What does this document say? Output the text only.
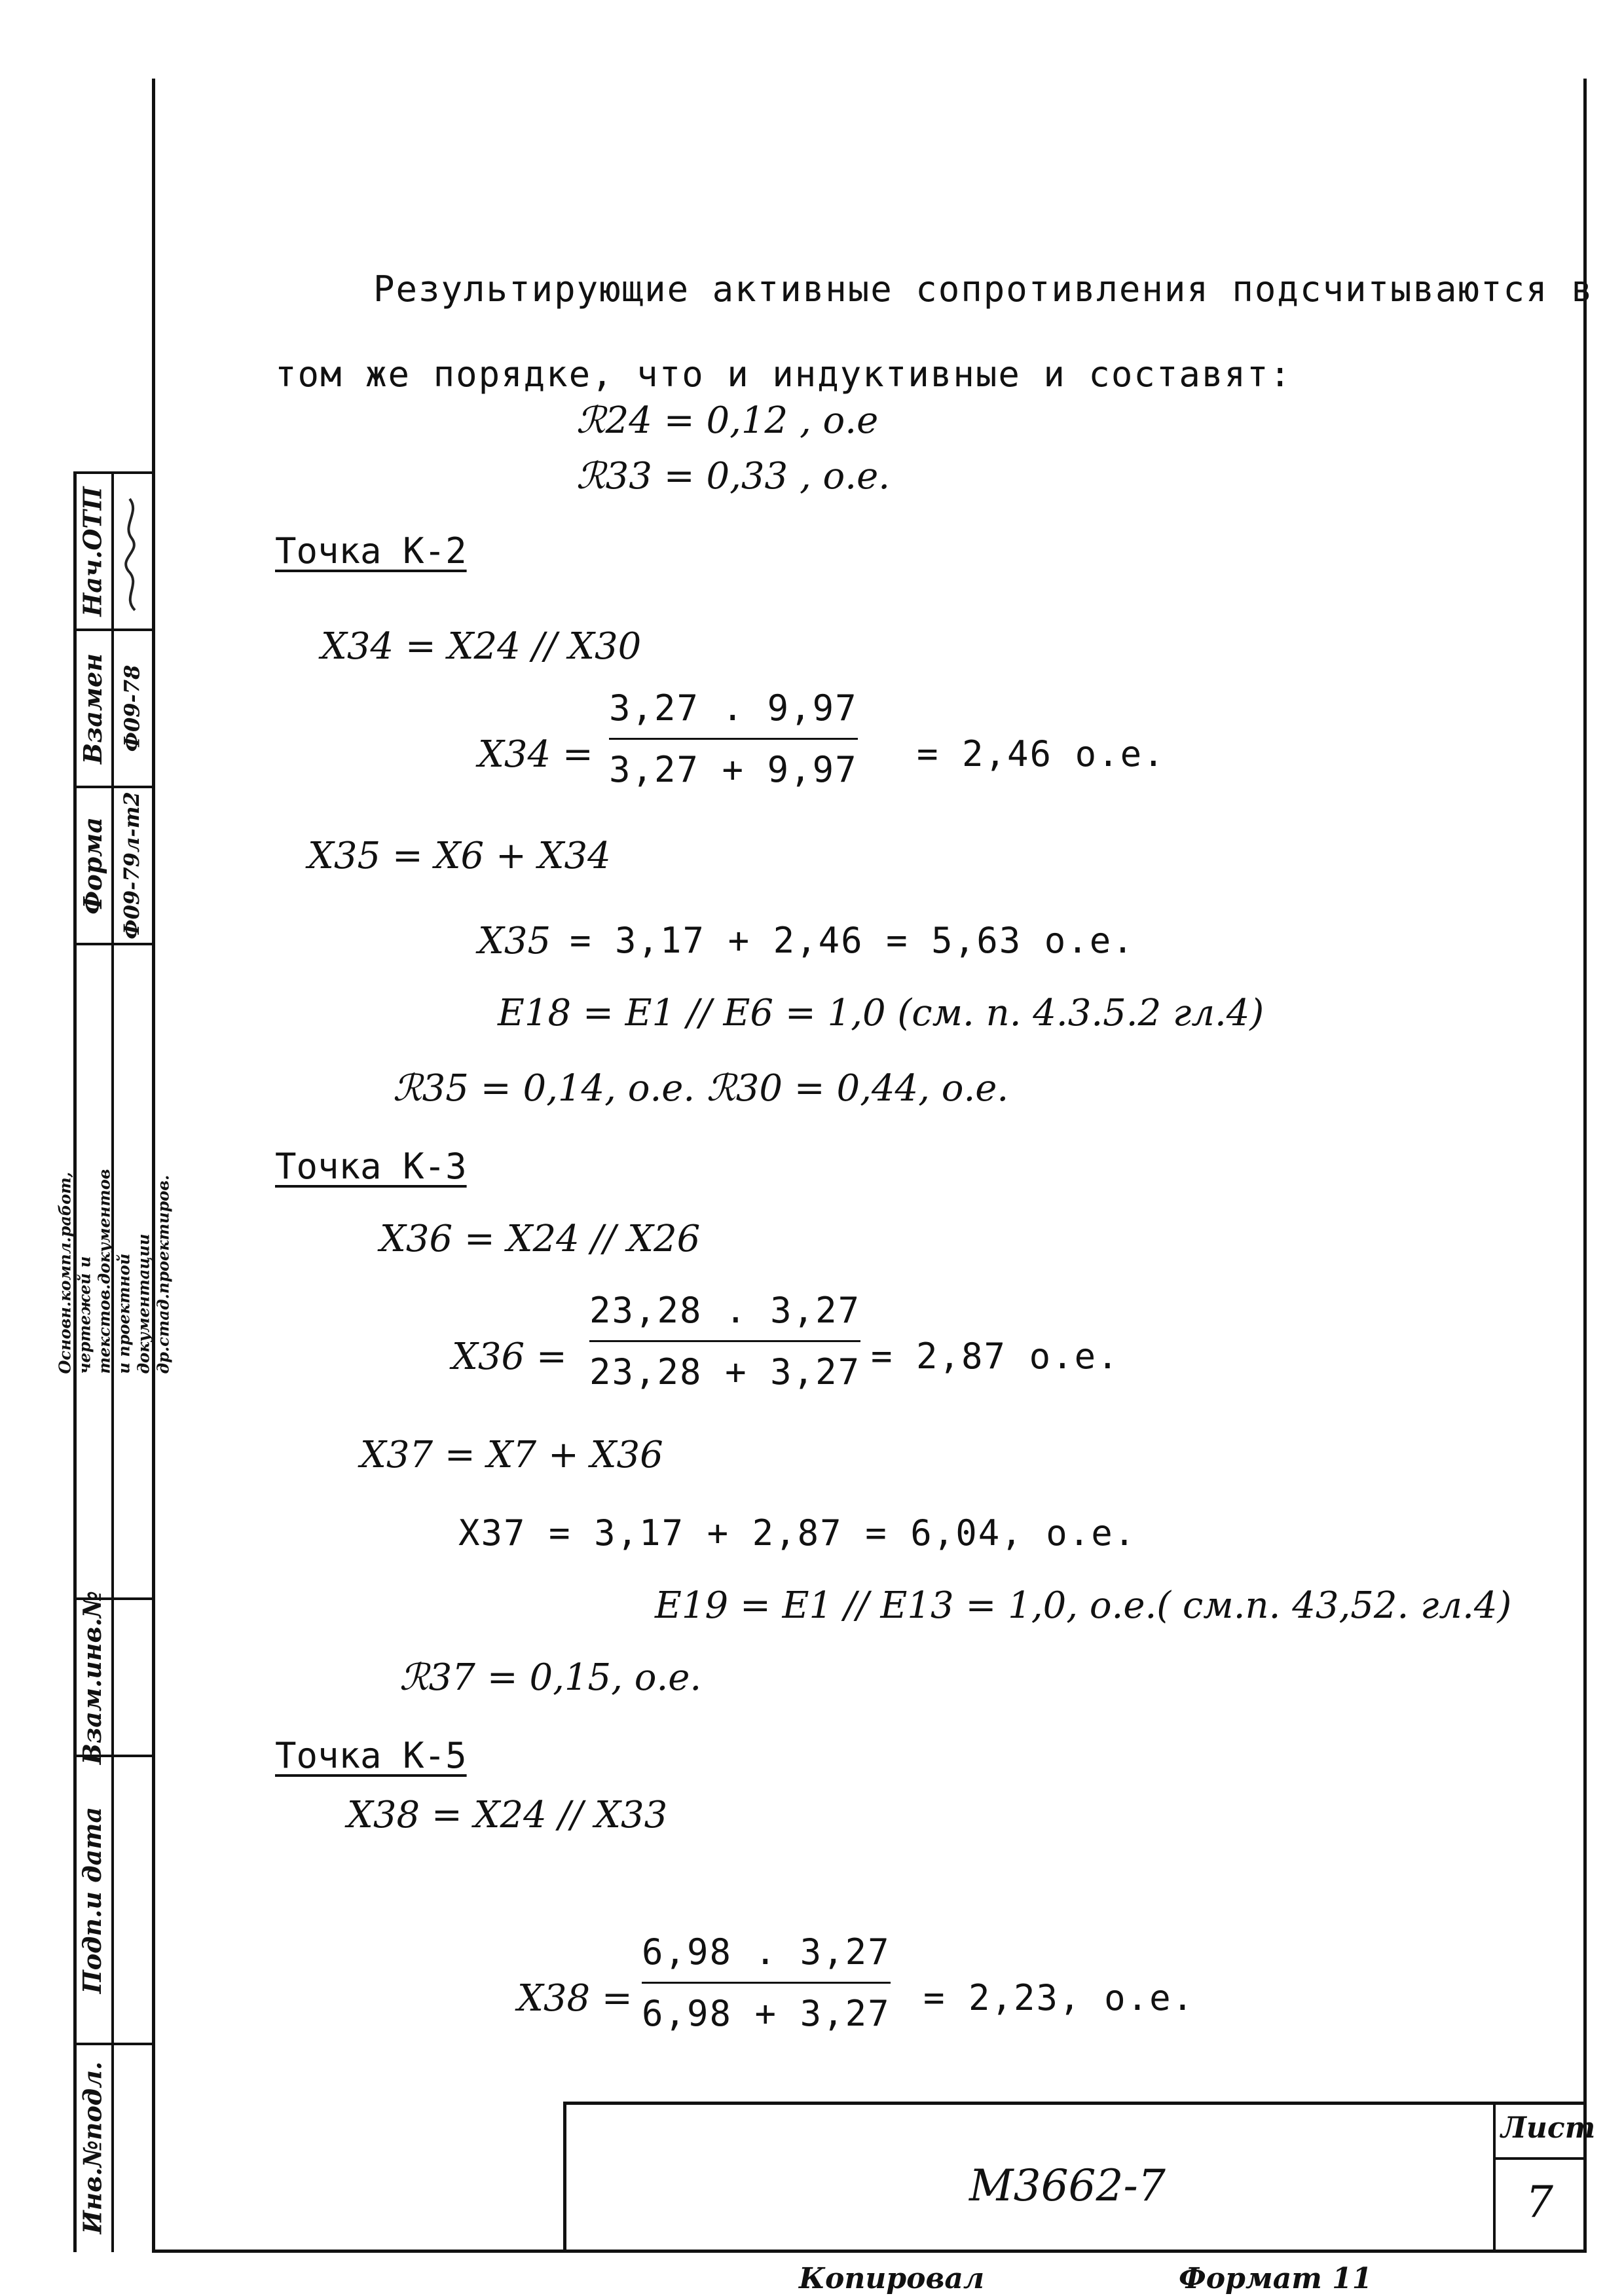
Нач.ОТП
Взамен
Форма
Основн.компл.работ, чертежей и текстов.документов и проектной документации др.стад.проектиров.
Взам.инв.№
Подп.и дата
Инв.№подл.
Ф09-79л-т2
Ф09-78
Результирующие активные сопротивления подсчитываются в
том же порядке, что и индуктивные и составят:
ℛ24 = 0,12 , о.е
ℛ33 = 0,33 , о.е.
Точка К-2
X34 = X24 // X30
X34 =
3,27 . 9,97
3,27 + 9,97 = 2,46 о.е.
X35 = X6 + X34
X35 = 3,17 + 2,46 = 5,63 о.е.
E18 = E1 // E6 = 1,0 (см. п. 4.3.5.2 гл.4)
ℛ35 = 0,14, о.е. ℛ30 = 0,44, о.е.
Точка К-3
X36 = X24 // X26
X36 =
23,28 . 3,27
23,28 + 3,27 = 2,87 о.е.
X37 = X7 + X36
X37 = 3,17 + 2,87 = 6,04, о.е.
E19 = E1 // E13 = 1,0, о.е.( см.п. 43,52. гл.4)
ℛ37 = 0,15, о.е.
Точка К-5
X38 = X24 // X33
X38 =
6,98 . 3,27
6,98 + 3,27 = 2,23, о.е.
М3662-7
Лист
7
Копировал	Формат 11
